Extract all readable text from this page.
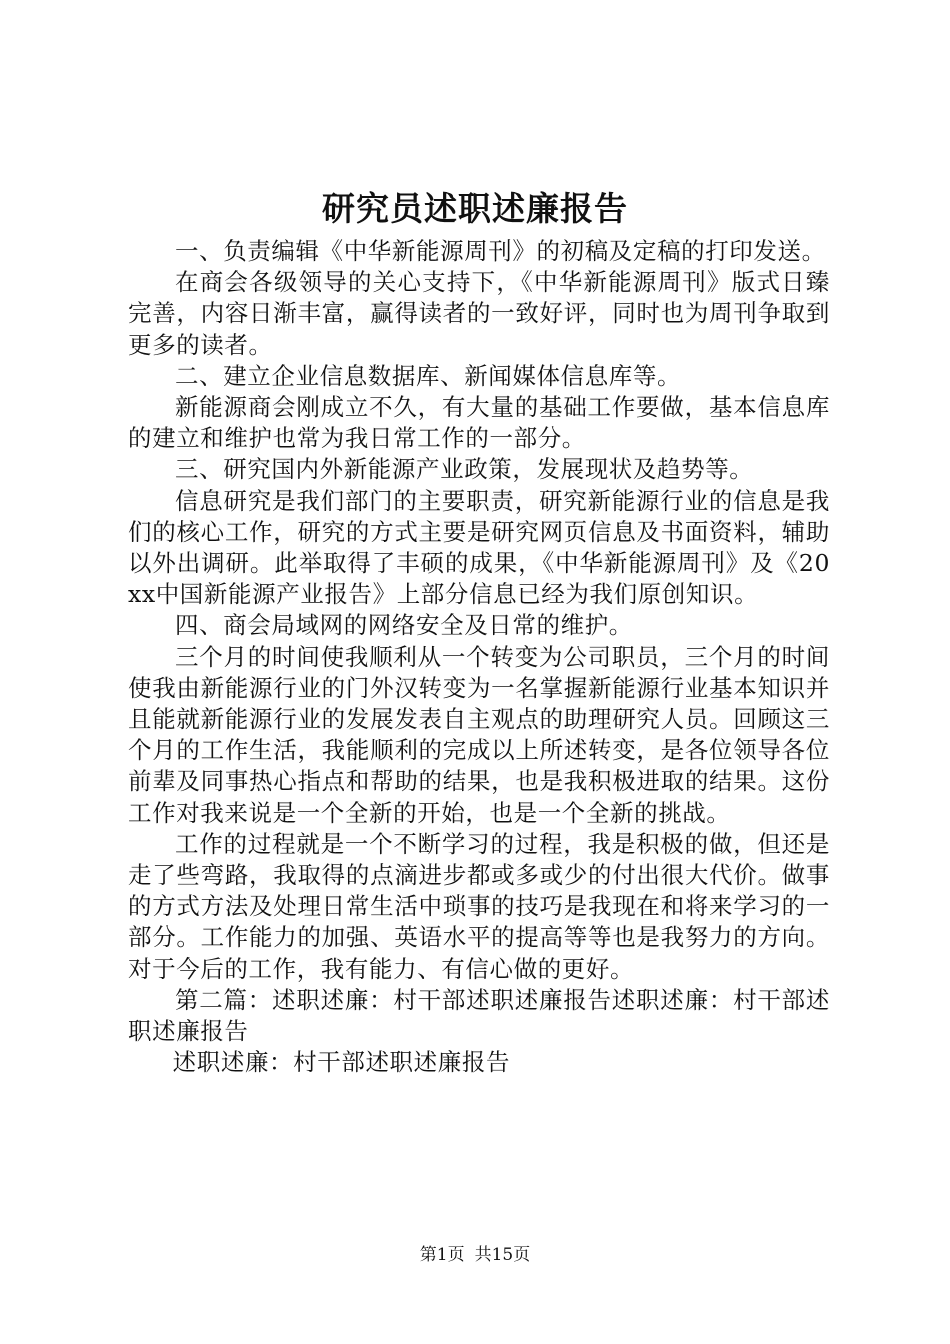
研究员述职述廉报告

一、负责编辑《中华新能源周刊》的初稿及定稿的打印发送。

在商会各级领导的关心支持下，《中华新能源周刊》版式日臻完善，内容日渐丰富，赢得读者的一致好评，同时也为周刊争取到更多的读者。

二、建立企业信息数据库、新闻媒体信息库等。

新能源商会刚成立不久，有大量的基础工作要做，基本信息库的建立和维护也常为我日常工作的一部分。

三、研究国内外新能源产业政策，发展现状及趋势等。

信息研究是我们部门的主要职责，研究新能源行业的信息是我们的核心工作，研究的方式主要是研究网页信息及书面资料，辅助以外出调研。此举取得了丰硕的成果，《中华新能源周刊》及《20xx中国新能源产业报告》上部分信息已经为我们原创知识。

四、商会局域网的网络安全及日常的维护。

三个月的时间使我顺利从一个转变为公司职员，三个月的时间使我由新能源行业的门外汉转变为一名掌握新能源行业基本知识并且能就新能源行业的发展发表自主观点的助理研究人员。回顾这三个月的工作生活，我能顺利的完成以上所述转变，是各位领导各位前辈及同事热心指点和帮助的结果，也是我积极进取的结果。这份工作对我来说是一个全新的开始，也是一个全新的挑战。

工作的过程就是一个不断学习的过程，我是积极的做，但还是走了些弯路，我取得的点滴进步都或多或少的付出很大代价。做事的方式方法及处理日常生活中琐事的技巧是我现在和将来学习的一部分。工作能力的加强、英语水平的提高等等也是我努力的方向。对于今后的工作，我有能力、有信心做的更好。

第二篇：述职述廉：村干部述职述廉报告述职述廉：村干部述职述廉报告

述职述廉：村干部述职述廉报告

第1页 共15页
